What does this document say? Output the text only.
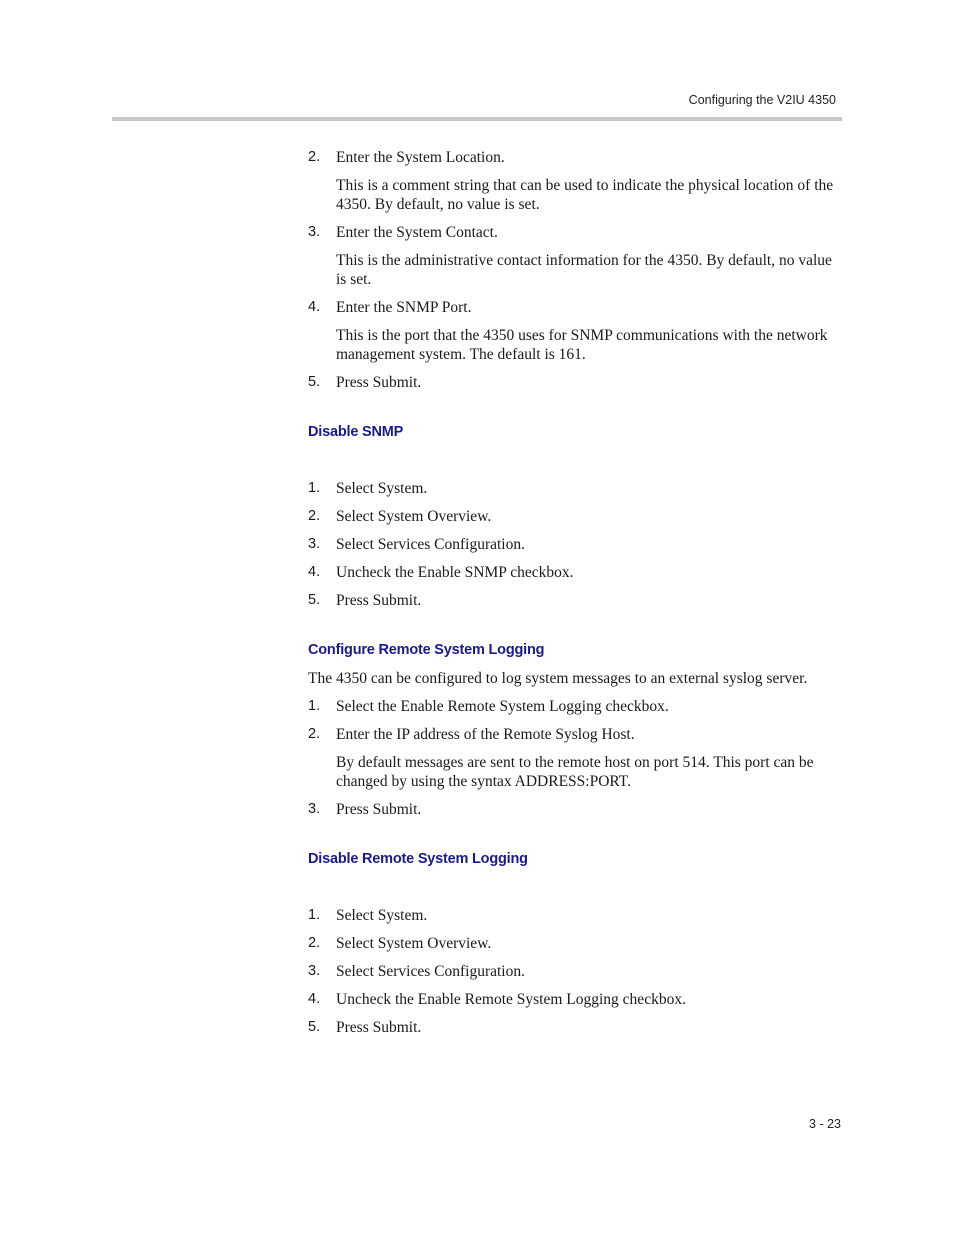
Configuring the V2IU 4350
2. Enter the System Location.
This is a comment string that can be used to indicate the physical location of the 4350. By default, no value is set.
3. Enter the System Contact.
This is the administrative contact information for the 4350. By default, no value is set.
4. Enter the SNMP Port.
This is the port that the 4350 uses for SNMP communications with the network management system. The default is 161.
5. Press Submit.
Disable SNMP
1. Select System.
2. Select System Overview.
3. Select Services Configuration.
4. Uncheck the Enable SNMP checkbox.
5. Press Submit.
Configure Remote System Logging
The 4350 can be configured to log system messages to an external syslog server.
1. Select the Enable Remote System Logging checkbox.
2. Enter the IP address of the Remote Syslog Host.
By default messages are sent to the remote host on port 514. This port can be changed by using the syntax ADDRESS:PORT.
3. Press Submit.
Disable Remote System Logging
1. Select System.
2. Select System Overview.
3. Select Services Configuration.
4. Uncheck the Enable Remote System Logging checkbox.
5. Press Submit.
3 - 23
